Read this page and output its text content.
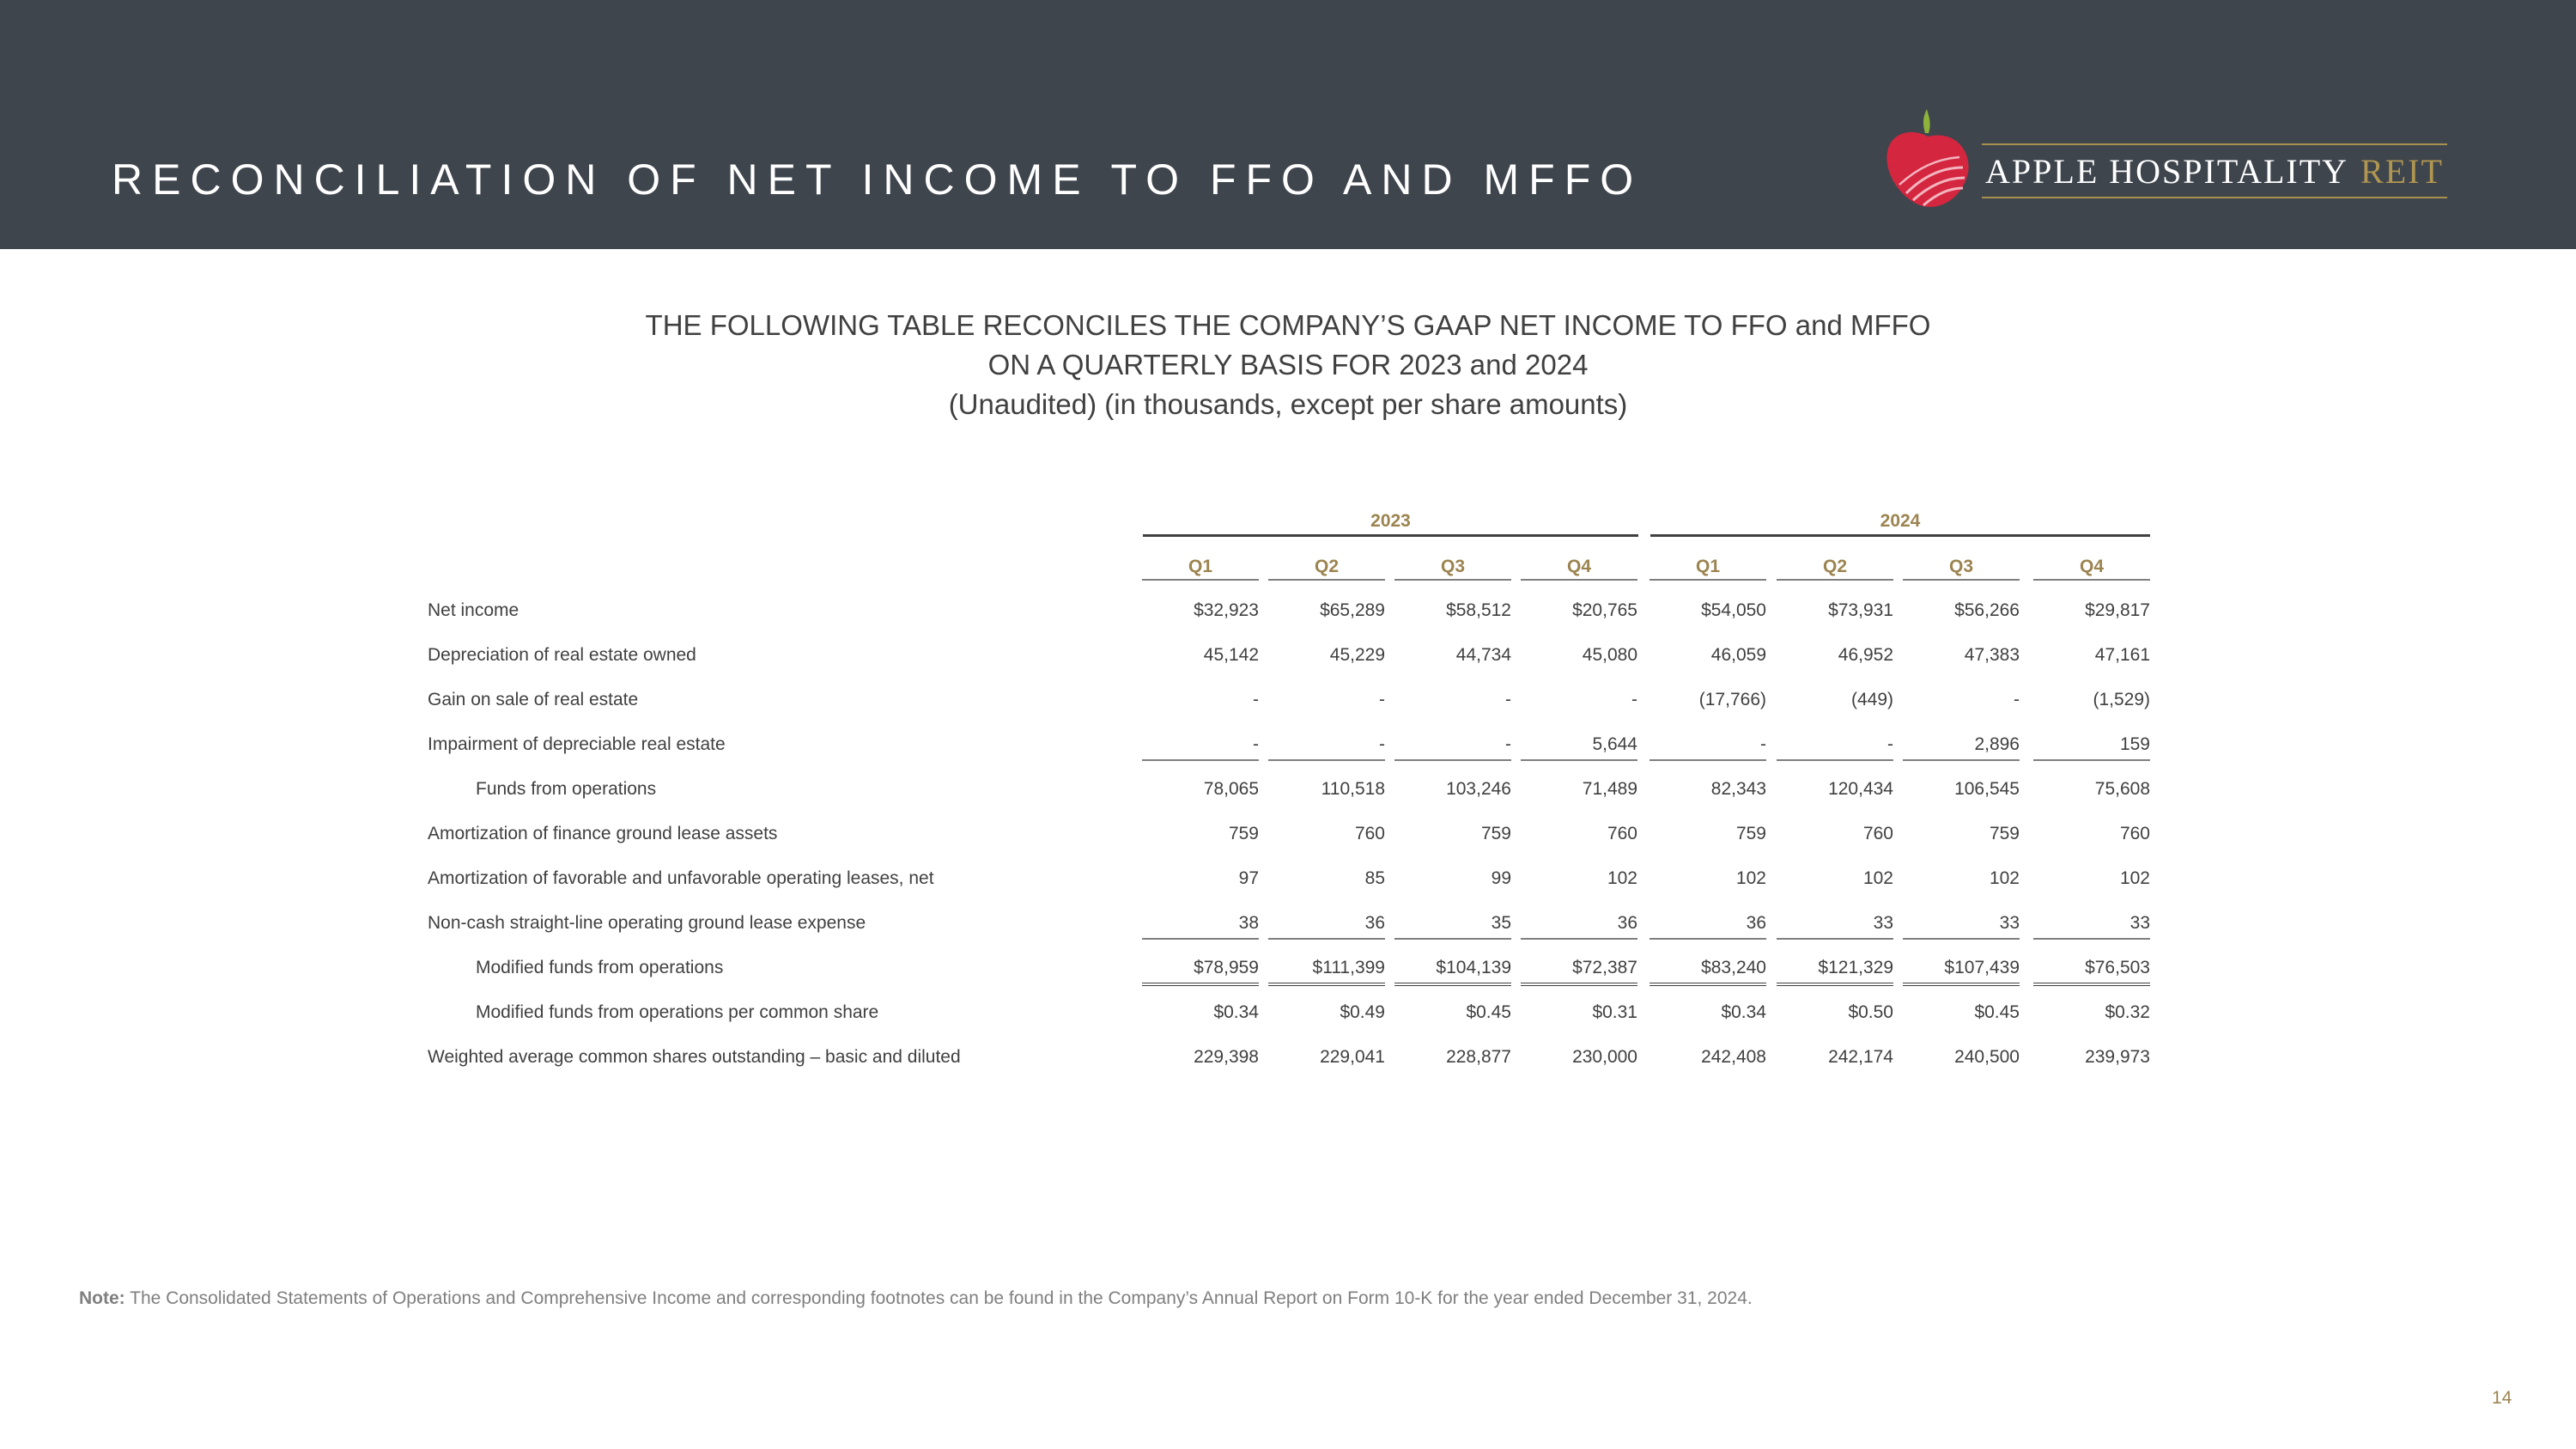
RECONCILIATION OF NET INCOME TO FFO AND MFFO	APPLE HOSPITALITY REIT
THE FOLLOWING TABLE RECONCILES THE COMPANY’S GAAP NET INCOME TO FFO and MFFO
ON A QUARTERLY BASIS FOR 2023 and 2024
(Unaudited) (in thousands, except per share amounts)
2023	2024
Q1	Q2	Q3	Q4	Q1	Q2	Q3	Q4
Net income	$32,923	$65,289	$58,512	$20,765	$54,050	$73,931	$56,266	$29,817
Depreciation of real estate owned	45,142	45,229	44,734	45,080	46,059	46,952	47,383	47,161
Gain on sale of real estate	-	-	-	-	(17,766)	(449)	-	(1,529)
Impairment of depreciable real estate	-	-	-	5,644	-	-	2,896	159
Funds from operations	78,065	110,518	103,246	71,489	82,343	120,434	106,545	75,608
Amortization of finance ground lease assets	759	760	759	760	759	760	759	760
Amortization of favorable and unfavorable operating leases, net	97	85	99	102	102	102	102	102
Non-cash straight-line operating ground lease expense	38	36	35	36	36	33	33	33
Modified funds from operations	$78,959	$111,399	$104,139	$72,387	$83,240	$121,329	$107,439	$76,503
Modified funds from operations per common share	$0.34	$0.49	$0.45	$0.31	$0.34	$0.50	$0.45	$0.32
Weighted average common shares outstanding – basic and diluted	229,398	229,041	228,877	230,000	242,408	242,174	240,500	239,973
Note: The Consolidated Statements of Operations and Comprehensive Income and corresponding footnotes can be found in the Company’s Annual Report on Form 10-K for the year ended December 31, 2024.
14
